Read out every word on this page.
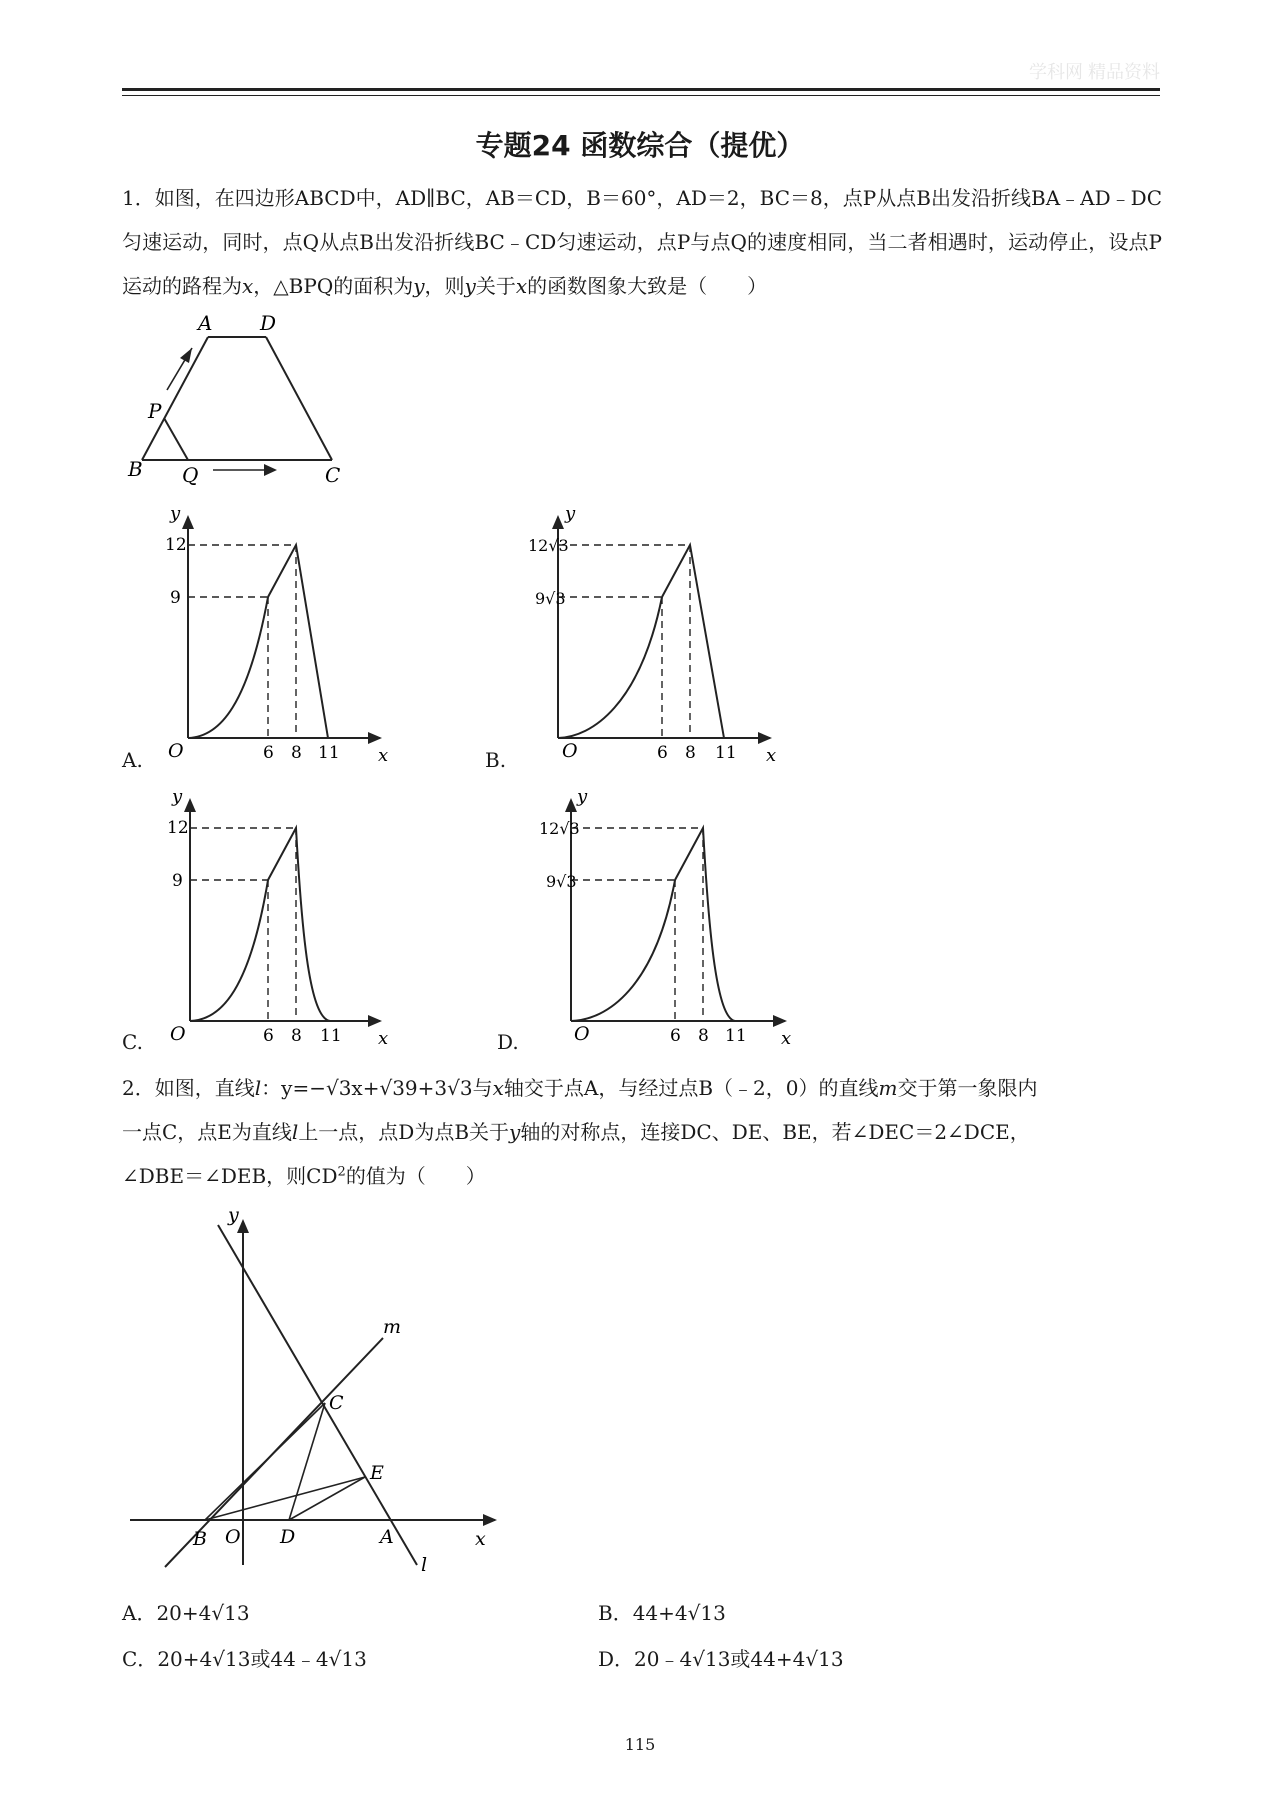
学科网 精品资料
专题24 函数综合（提优）

1．如图，在四边形ABCD中，AD∥BC，AB＝CD，B＝60°，AD＝2，BC＝8，点P从点B出发沿折线BA﹣AD﹣DC匀速运动，同时，点Q从点B出发沿折线BC﹣CD匀速运动，点P与点Q的速度相同，当二者相遇时，运动停止，设点P运动的路程为x，△BPQ的面积为y，则y关于x的函数图象大致是（　　）

A D
P
B Q	C
A.	B.
C.	D.
y
12
9
O	6 8 11 x
y
12√3
9√3
O	6 8 11 x
y
12
9
O	6 8 11 x
y
12√3
9√3
O	6 8 11 x

2．如图，直线l：y=−√3x+√39+3√3与x轴交于点A，与经过点B（﹣2，0）的直线m交于第一象限内

一点C，点E为直线l上一点，点D为点B关于y轴的对称点，连接DC、DE、BE，若∠DEC＝2∠DCE，

∠DBE＝∠DEB，则$CD^2$的值为（　　）

y
m
C
E
B O D	A	x
l
A．20+4√13	B．44+4√13
C．20+4√13或44﹣4√13	D．20﹣4√13或44+4√13
115
